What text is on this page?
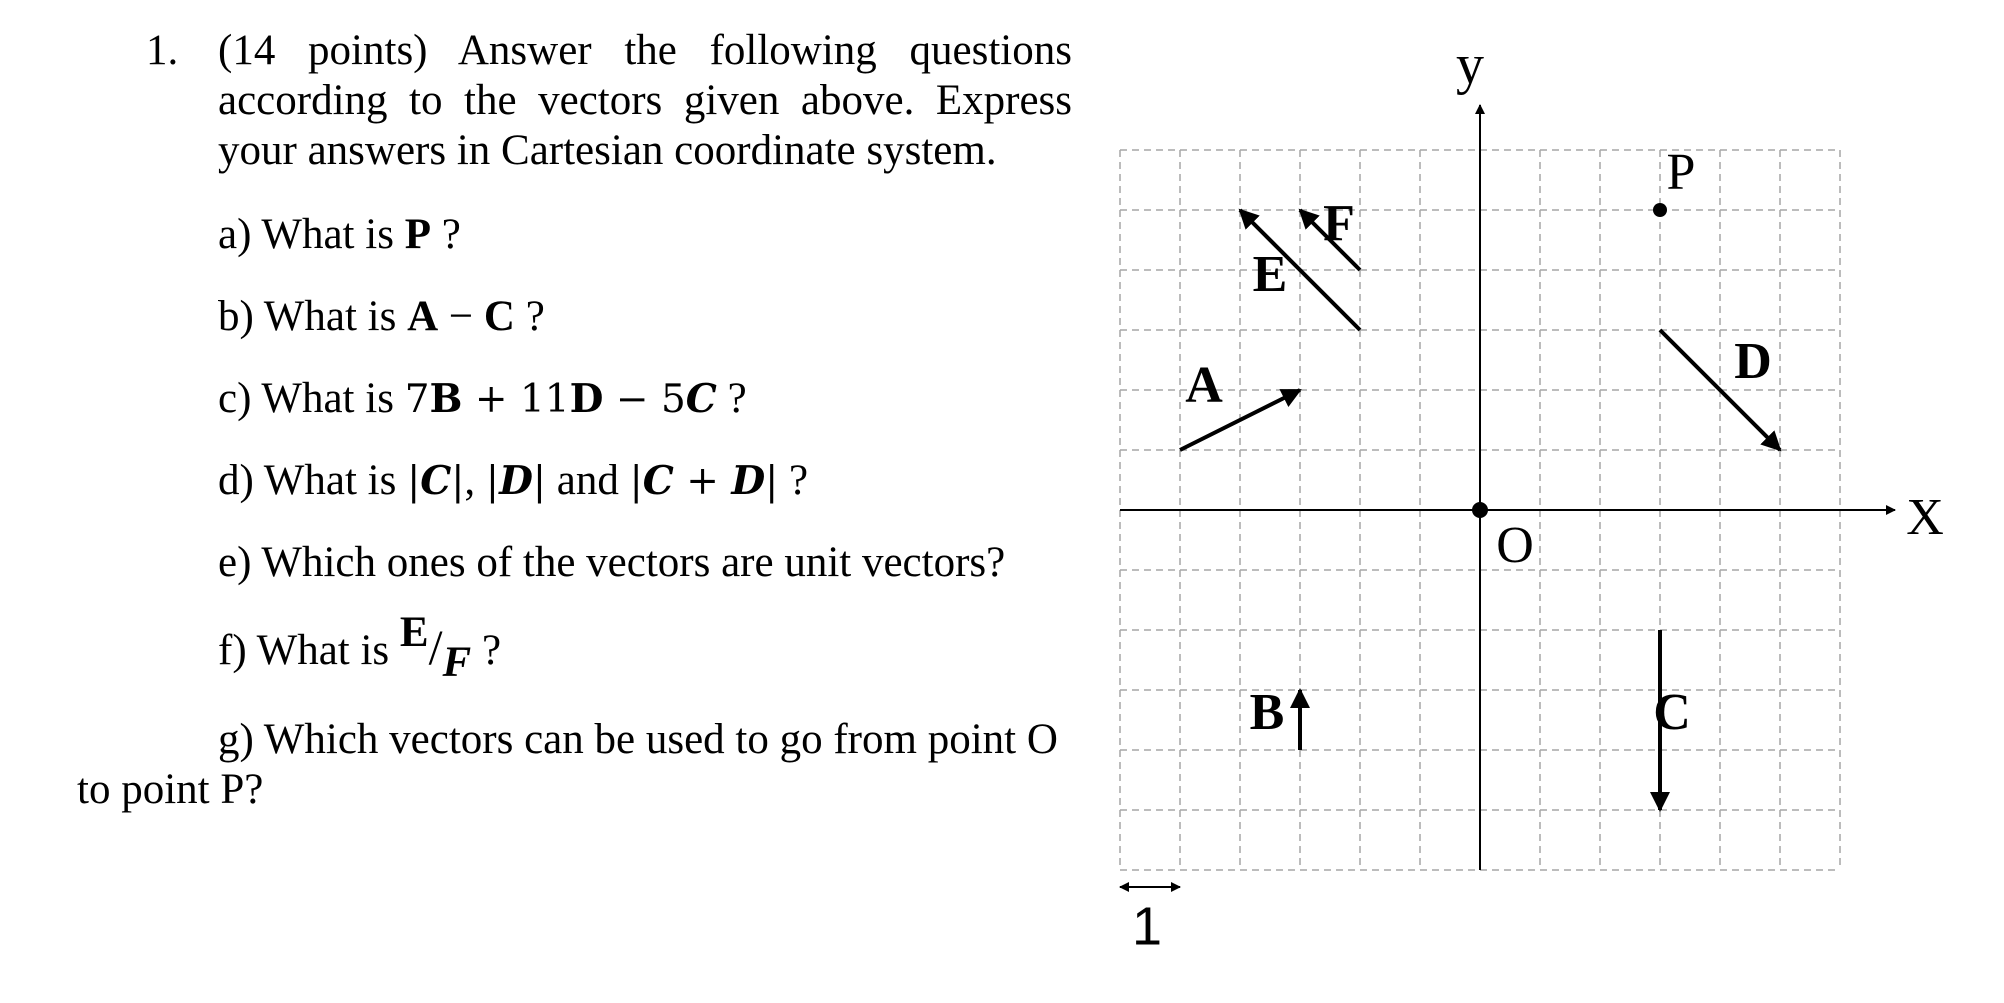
1. (14 points) Answer the following questions
according to the vectors given above. Express
your answers in Cartesian coordinate system.
a) What is P ?
b) What is A − C ?
c) What is 7B + 11D − 5C ?
d) What is |C|, |D| and |C + D| ?
e) Which ones of the vectors are unit vectors?
f) What is E/F ?
g) Which vectors can be used to go from point O
to point P?
A
B	C
D
E
F
X
y
O
P
1
